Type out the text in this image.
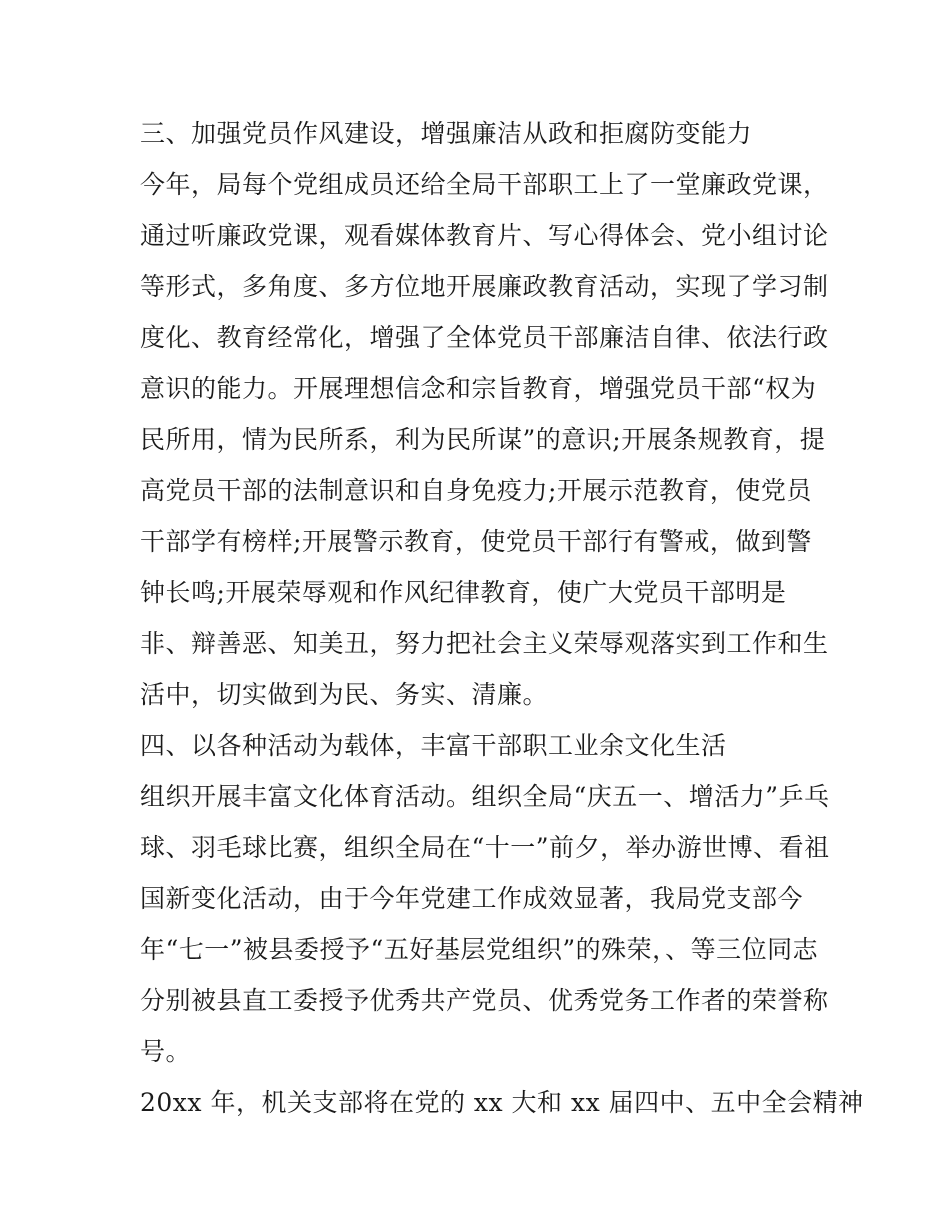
三、加强党员作风建设，增强廉洁从政和拒腐防变能力
今年，局每个党组成员还给全局干部职工上了一堂廉政党课，
通过听廉政党课，观看媒体教育片、写心得体会、党小组讨论
等形式，多角度、多方位地开展廉政教育活动，实现了学习制
度化、教育经常化，增强了全体党员干部廉洁自律、依法行政
意识的能力。开展理想信念和宗旨教育，增强党员干部“权为
民所用，情为民所系，利为民所谋”的意识;开展条规教育，提
高党员干部的法制意识和自身免疫力;开展示范教育，使党员
干部学有榜样;开展警示教育，使党员干部行有警戒，做到警
钟长鸣;开展荣辱观和作风纪律教育，使广大党员干部明是
非、辩善恶、知美丑，努力把社会主义荣辱观落实到工作和生
活中，切实做到为民、务实、清廉。
四、以各种活动为载体，丰富干部职工业余文化生活
组织开展丰富文化体育活动。组织全局“庆五一、增活力”乒乓
球、羽毛球比赛，组织全局在“十一”前夕，举办游世博、看祖
国新变化活动，由于今年党建工作成效显著，我局党支部今
年“七一”被县委授予“五好基层党组织”的殊荣，、等三位同志
分别被县直工委授予优秀共产党员、优秀党务工作者的荣誉称
号。
20xx 年，机关支部将在党的 xx 大和 xx 届四中、五中全会精神
